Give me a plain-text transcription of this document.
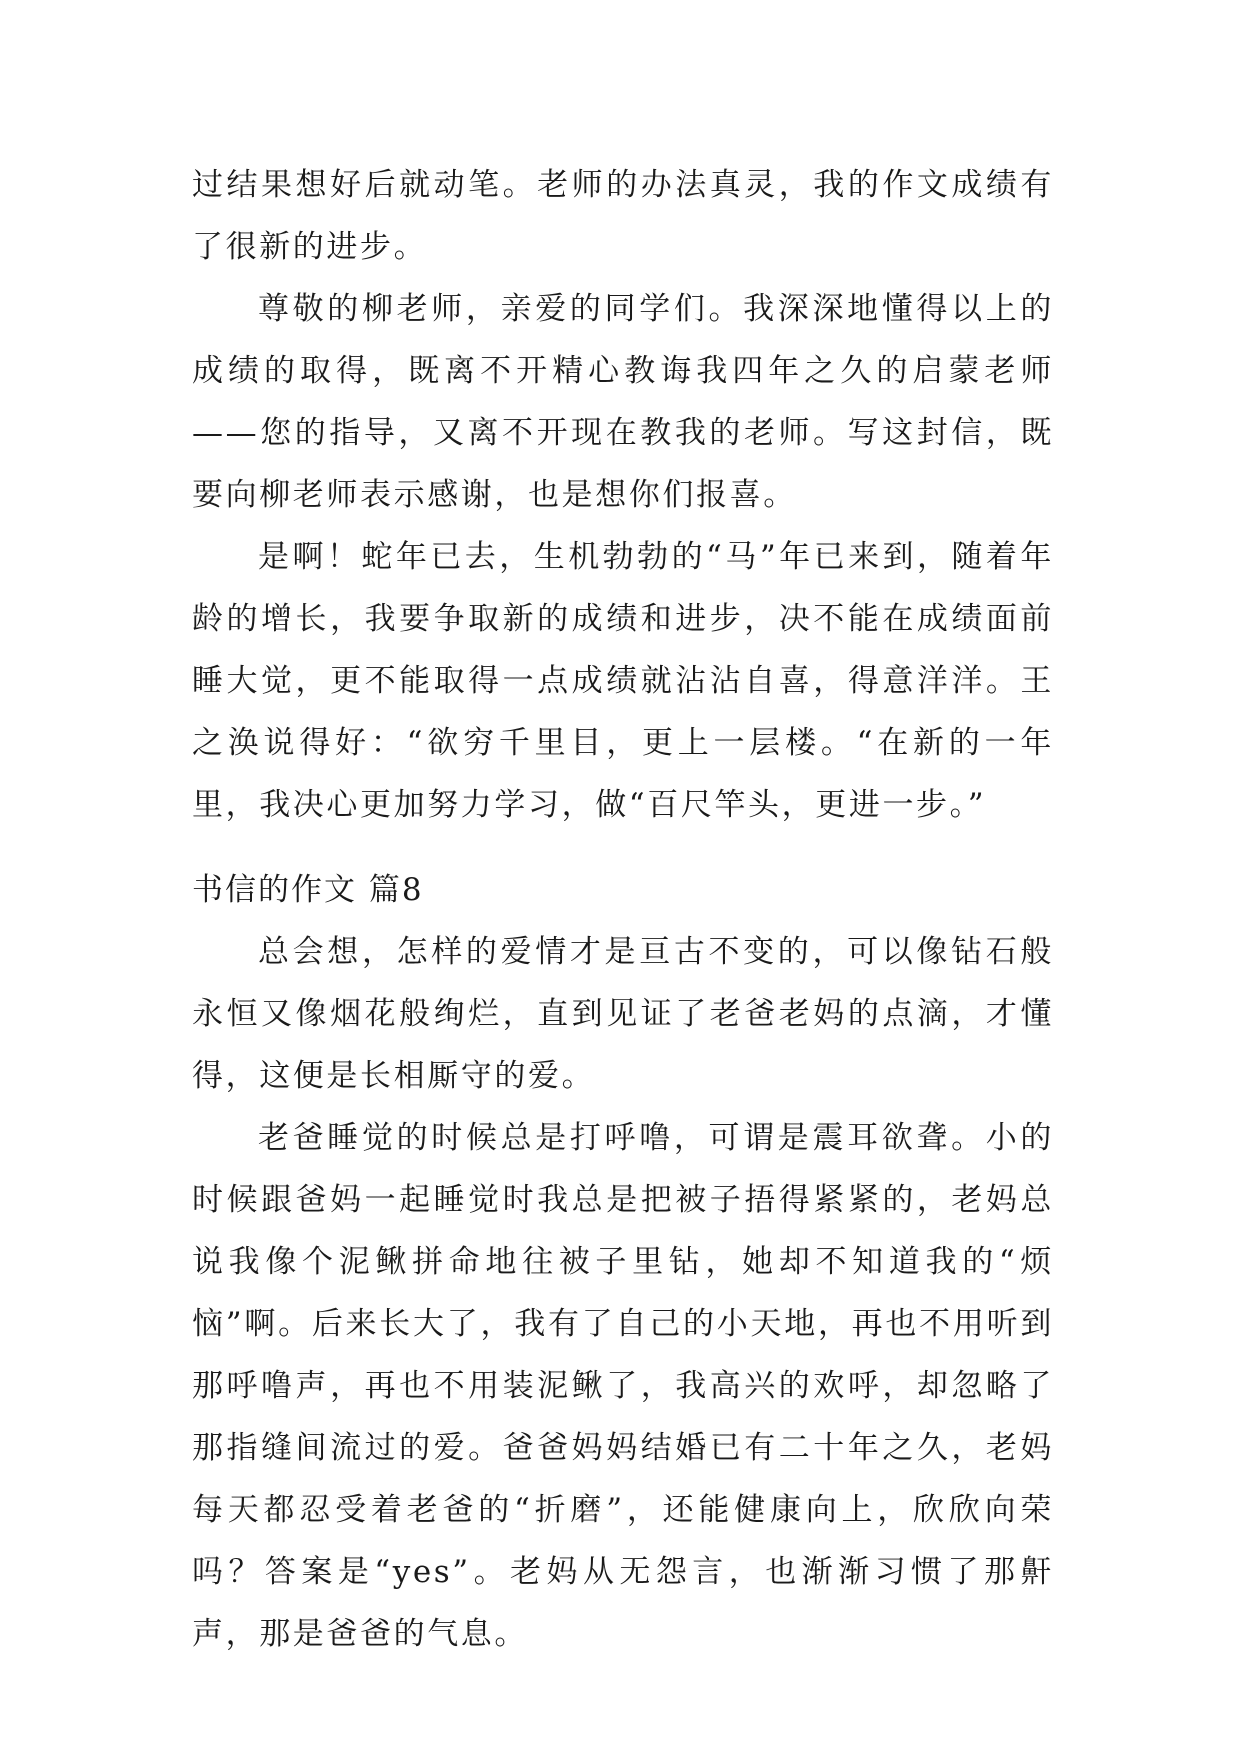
过结果想好后就动笔。老师的办法真灵，我的作文成绩有了很新的进步。

尊敬的柳老师，亲爱的同学们。我深深地懂得以上的成绩的取得，既离不开精心教诲我四年之久的启蒙老师——您的指导，又离不开现在教我的老师。写这封信，既要向柳老师表示感谢，也是想你们报喜。

是啊！蛇年已去，生机勃勃的“马”年已来到，随着年龄的增长，我要争取新的成绩和进步，决不能在成绩面前睡大觉，更不能取得一点成绩就沾沾自喜，得意洋洋。王之涣说得好：“欲穷千里目，更上一层楼。“在新的一年里，我决心更加努力学习，做“百尺竿头，更进一步。”

书信的作文 篇8

总会想，怎样的爱情才是亘古不变的，可以像钻石般永恒又像烟花般绚烂，直到见证了老爸老妈的点滴，才懂得，这便是长相厮守的爱。

老爸睡觉的时候总是打呼噜，可谓是震耳欲聋。小的时候跟爸妈一起睡觉时我总是把被子捂得紧紧的，老妈总说我像个泥鳅拼命地往被子里钻，她却不知道我的“烦恼”啊。后来长大了，我有了自己的小天地，再也不用听到那呼噜声，再也不用装泥鳅了，我高兴的欢呼，却忽略了那指缝间流过的爱。爸爸妈妈结婚已有二十年之久，老妈每天都忍受着老爸的“折磨”，还能健康向上，欣欣向荣吗？答案是“yes”。老妈从无怨言，也渐渐习惯了那鼾声，那是爸爸的气息。
